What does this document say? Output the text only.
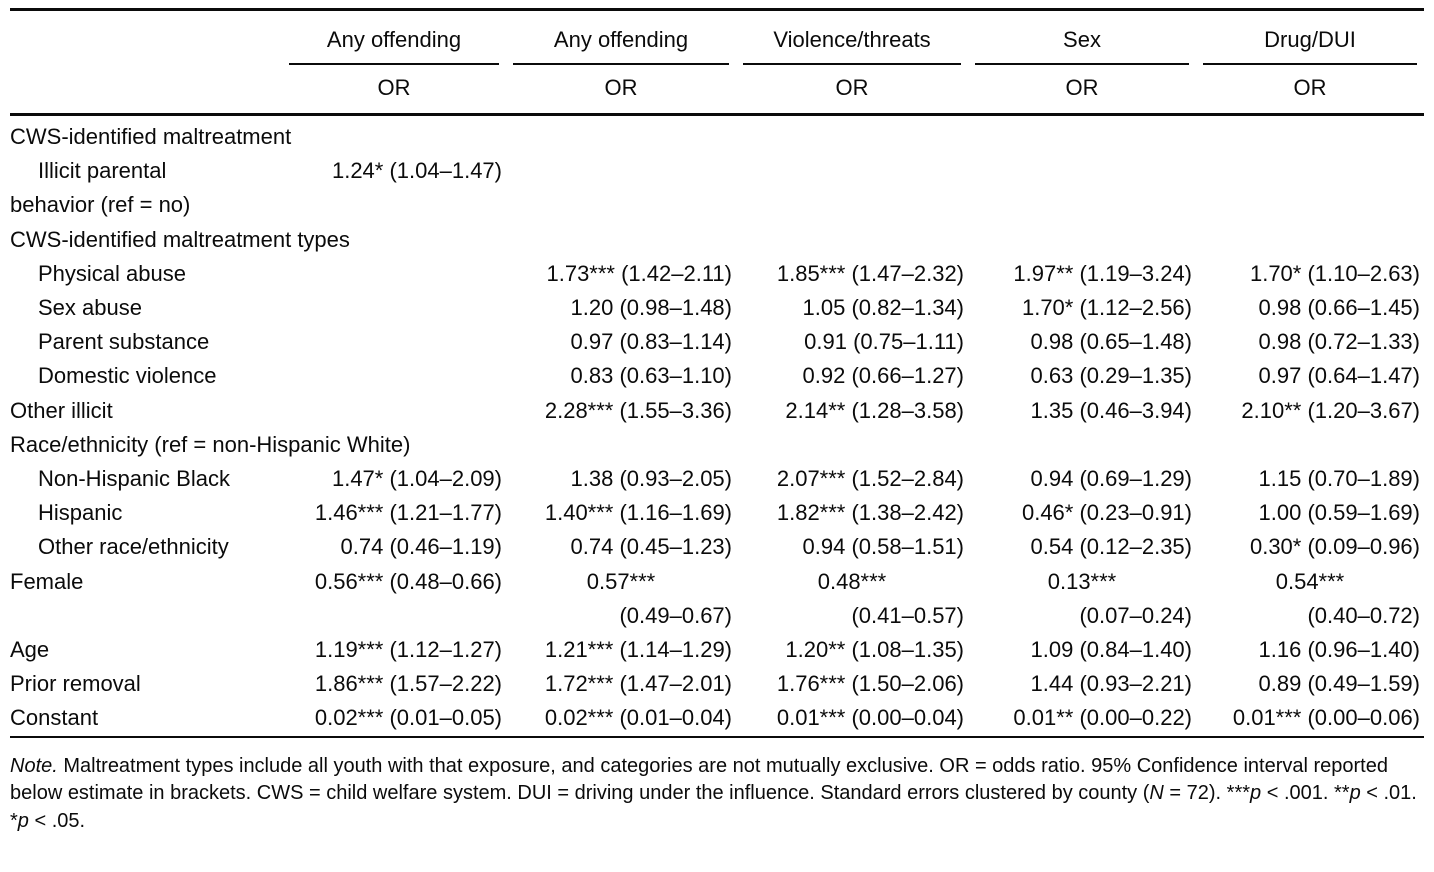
	Any offending	Any offending	Violence/threats	Sex	Drug/DUI

	OR	OR	OR	OR	OR
CWS-identified maltreatment					
Illicit parental	1.24* (1.04–1.47)				
behavior (ref = no)					
CWS-identified maltreatment types					
Physical abuse		1.73*** (1.42–2.11)	1.85*** (1.47–2.32)	1.97** (1.19–3.24)	1.70* (1.10–2.63)
Sex abuse		1.20 (0.98–1.48)	1.05 (0.82–1.34)	1.70* (1.12–2.56)	0.98 (0.66–1.45)
Parent substance		0.97 (0.83–1.14)	0.91 (0.75–1.11)	0.98 (0.65–1.48)	0.98 (0.72–1.33)
Domestic violence		0.83 (0.63–1.10)	0.92 (0.66–1.27)	0.63 (0.29–1.35)	0.97 (0.64–1.47)
Other illicit		2.28*** (1.55–3.36)	2.14** (1.28–3.58)	1.35 (0.46–3.94)	2.10** (1.20–3.67)
Race/ethnicity (ref = non-Hispanic White)					
Non-Hispanic Black	1.47* (1.04–2.09)	1.38 (0.93–2.05)	2.07*** (1.52–2.84)	0.94 (0.69–1.29)	1.15 (0.70–1.89)
Hispanic	1.46*** (1.21–1.77)	1.40*** (1.16–1.69)	1.82*** (1.38–2.42)	0.46* (0.23–0.91)	1.00 (0.59–1.69)
Other race/ethnicity	0.74 (0.46–1.19)	0.74 (0.45–1.23)	0.94 (0.58–1.51)	0.54 (0.12–2.35)	0.30* (0.09–0.96)
Female	0.56*** (0.48–0.66)	0.57***	0.48***	0.13***	0.54***
		(0.49–0.67)	(0.41–0.57)	(0.07–0.24)	(0.40–0.72)
Age	1.19*** (1.12–1.27)	1.21*** (1.14–1.29)	1.20** (1.08–1.35)	1.09 (0.84–1.40)	1.16 (0.96–1.40)
Prior removal	1.86*** (1.57–2.22)	1.72*** (1.47–2.01)	1.76*** (1.50–2.06)	1.44 (0.93–2.21)	0.89 (0.49–1.59)
Constant	0.02*** (0.01–0.05)	0.02*** (0.01–0.04)	0.01*** (0.00–0.04)	0.01** (0.00–0.22)	0.01*** (0.00–0.06)

Note. Maltreatment types include all youth with that exposure, and categories are not mutually exclusive. OR = odds ratio. 95% Confidence interval reported below estimate in brackets. CWS = child welfare system. DUI = driving under the influence. Standard errors clustered by county (N = 72). ***p < .001. **p < .01. *p < .05.
